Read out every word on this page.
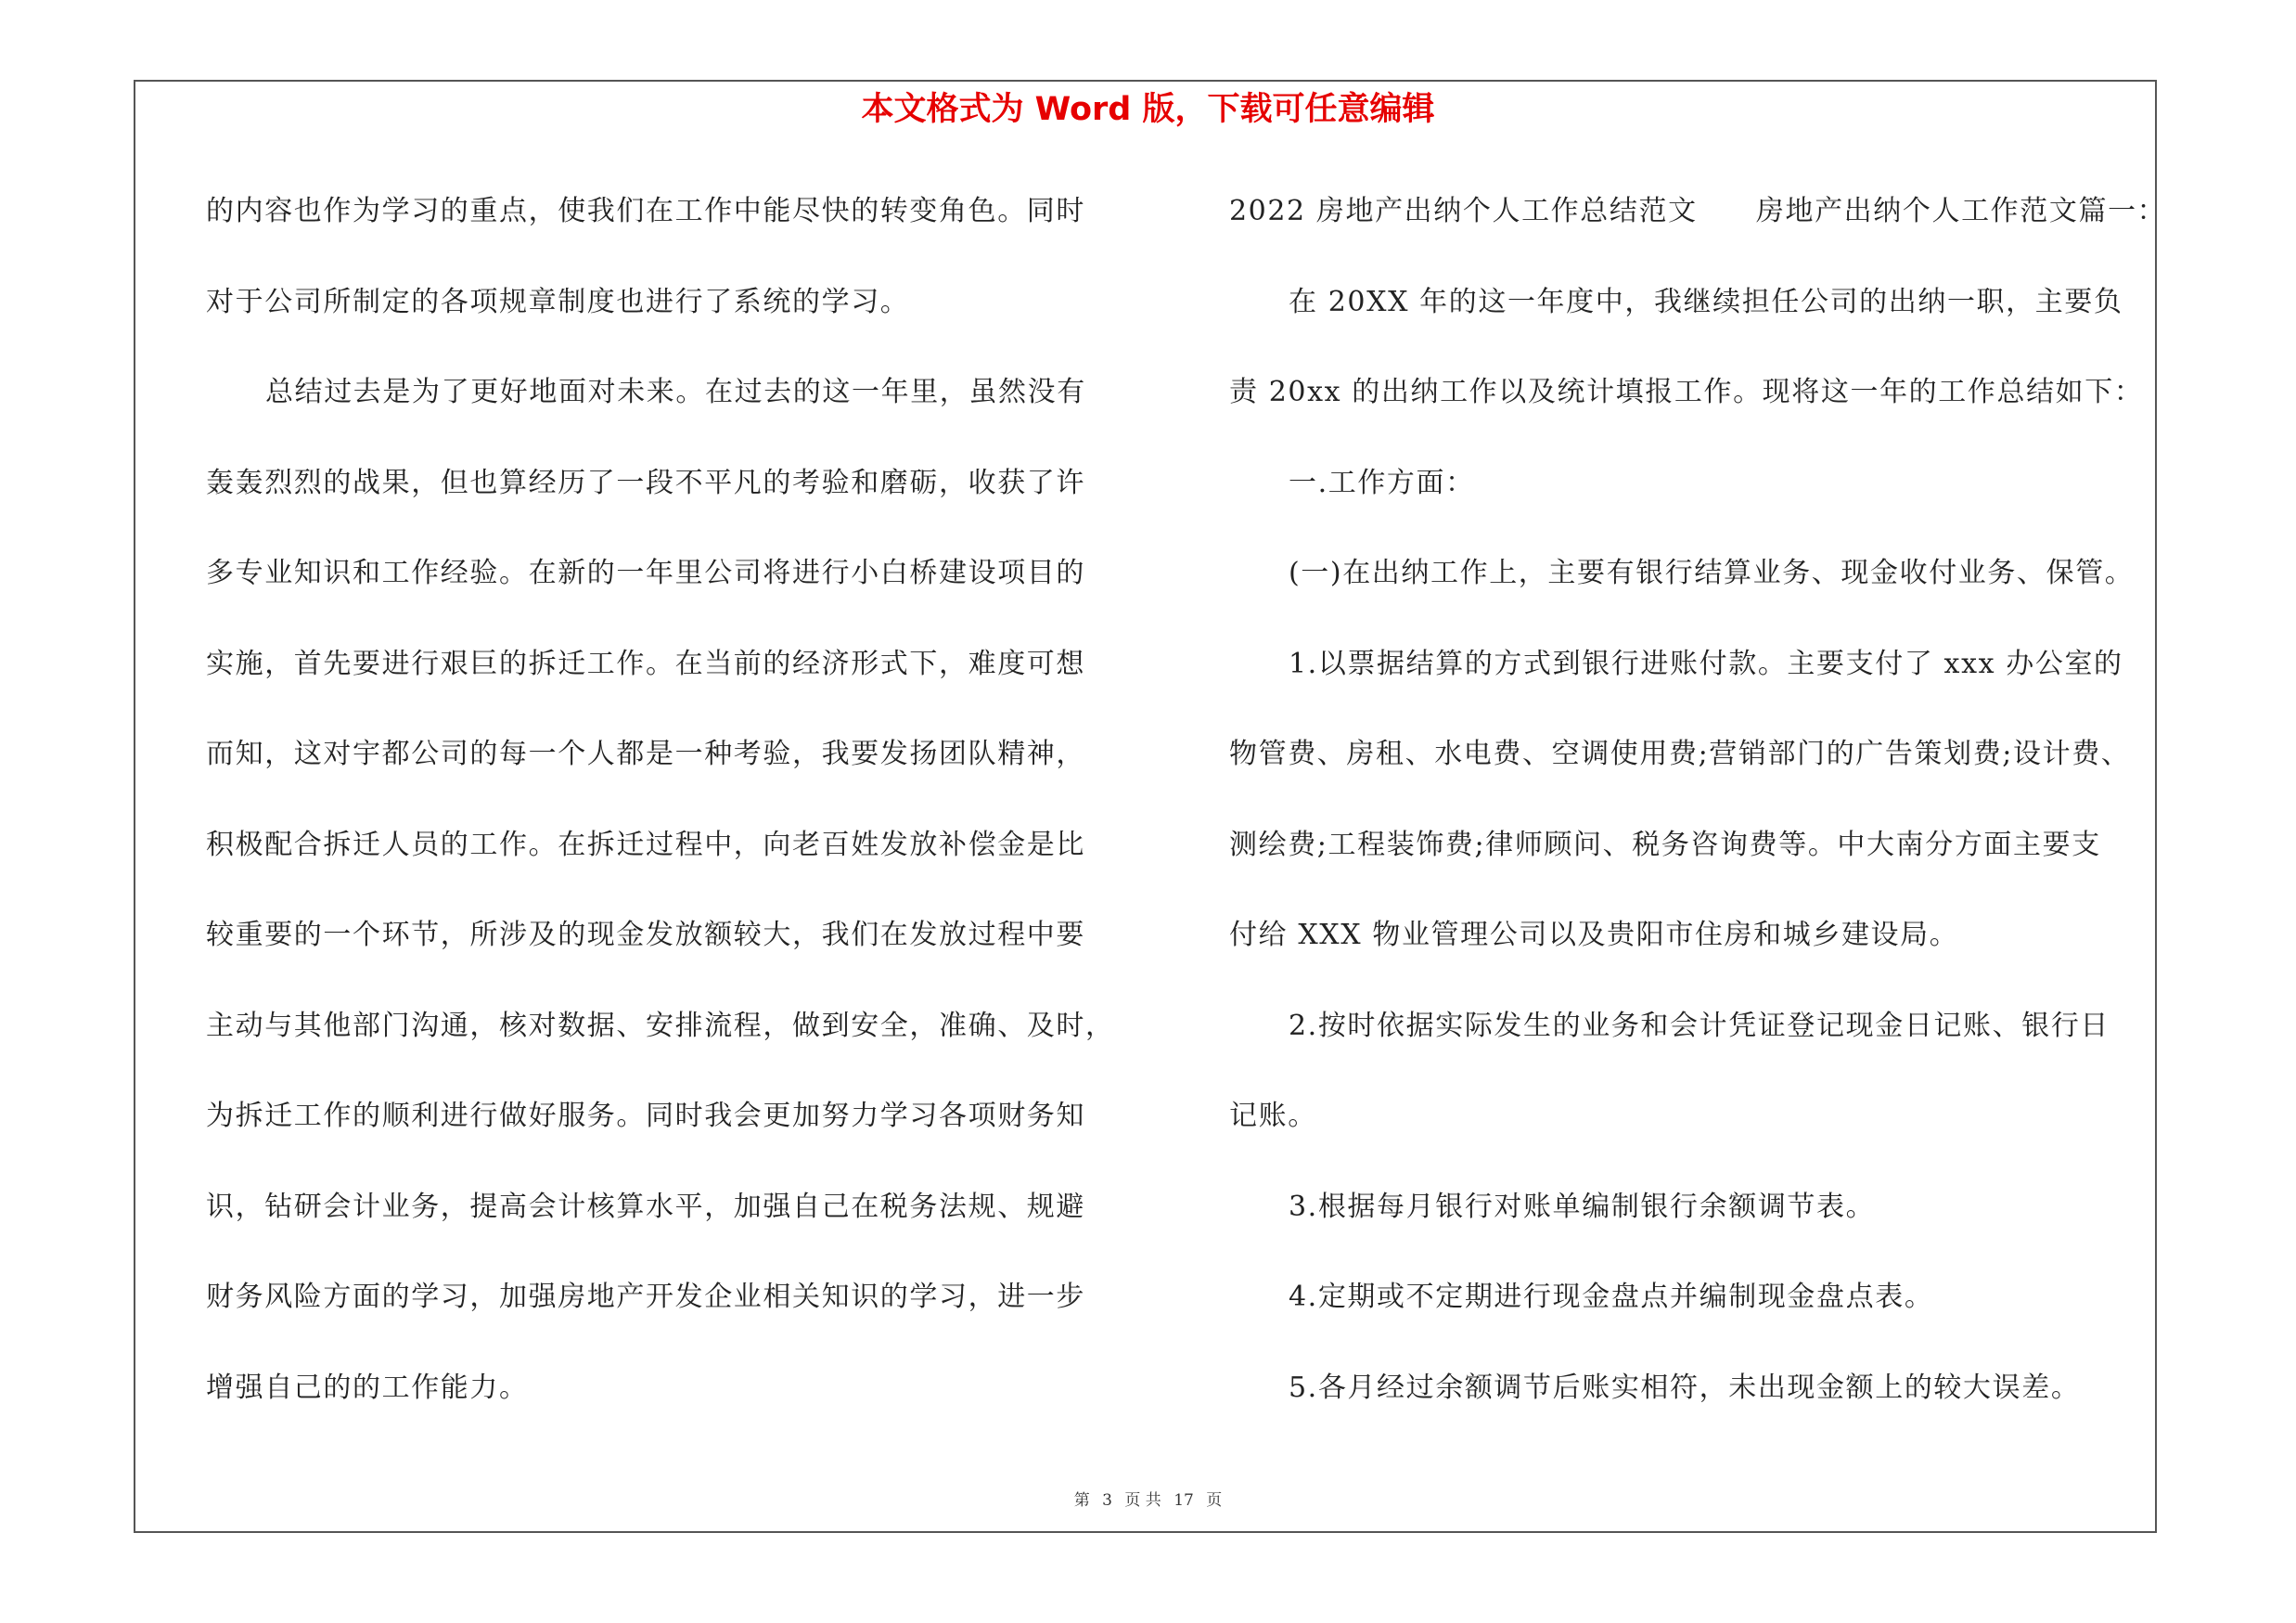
本文格式为 Word 版，下载可任意编辑
的内容也作为学习的重点，使我们在工作中能尽快的转变角色。同时
对于公司所制定的各项规章制度也进行了系统的学习。
总结过去是为了更好地面对未来。在过去的这一年里，虽然没有
轰轰烈烈的战果，但也算经历了一段不平凡的考验和磨砺，收获了许
多专业知识和工作经验。在新的一年里公司将进行小白桥建设项目的
实施，首先要进行艰巨的拆迁工作。在当前的经济形式下，难度可想
而知，这对宇都公司的每一个人都是一种考验，我要发扬团队精神，
积极配合拆迁人员的工作。在拆迁过程中，向老百姓发放补偿金是比
较重要的一个环节，所涉及的现金发放额较大，我们在发放过程中要
主动与其他部门沟通，核对数据、安排流程，做到安全，准确、及时，
为拆迁工作的顺利进行做好服务。同时我会更加努力学习各项财务知
识，钻研会计业务，提高会计核算水平，加强自己在税务法规、规避
财务风险方面的学习，加强房地产开发企业相关知识的学习，进一步
增强自己的的工作能力。
2022 房地产出纳个人工作总结范文　　房地产出纳个人工作范文篇一：
在 20XX 年的这一年度中，我继续担任公司的出纳一职，主要负
责 20xx 的出纳工作以及统计填报工作。现将这一年的工作总结如下：
一.工作方面：
(一)在出纳工作上，主要有银行结算业务、现金收付业务、保管。
1.以票据结算的方式到银行进账付款。主要支付了 xxx 办公室的
物管费、房租、水电费、空调使用费;营销部门的广告策划费;设计费、
测绘费;工程装饰费;律师顾问、税务咨询费等。中大南分方面主要支
付给 XXX 物业管理公司以及贵阳市住房和城乡建设局。
2.按时依据实际发生的业务和会计凭证登记现金日记账、银行日
记账。
3.根据每月银行对账单编制银行余额调节表。
4.定期或不定期进行现金盘点并编制现金盘点表。
5.各月经过余额调节后账实相符，未出现金额上的较大误差。
第 3 页 共 17 页
